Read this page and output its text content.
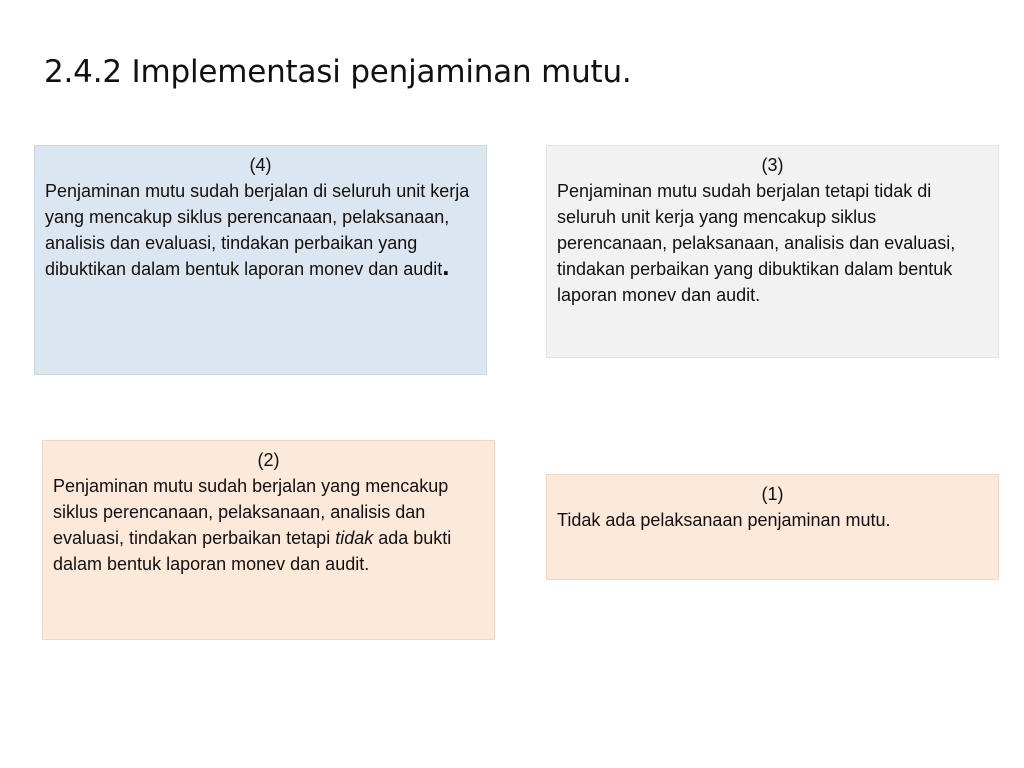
2.4.2 Implementasi penjaminan mutu.
(4)
Penjaminan mutu sudah berjalan di seluruh unit kerja yang mencakup siklus perencanaan, pelaksanaan, analisis dan evaluasi, tindakan perbaikan yang dibuktikan dalam bentuk laporan monev dan audit.
(3)
Penjaminan mutu sudah berjalan tetapi tidak di seluruh unit kerja yang mencakup siklus perencanaan, pelaksanaan, analisis dan evaluasi, tindakan perbaikan yang dibuktikan dalam bentuk laporan monev dan audit.
(2)
Penjaminan mutu sudah berjalan yang mencakup siklus perencanaan, pelaksanaan, analisis dan evaluasi, tindakan perbaikan tetapi tidak ada bukti dalam bentuk laporan monev dan audit.
(1)
Tidak ada pelaksanaan penjaminan mutu.
